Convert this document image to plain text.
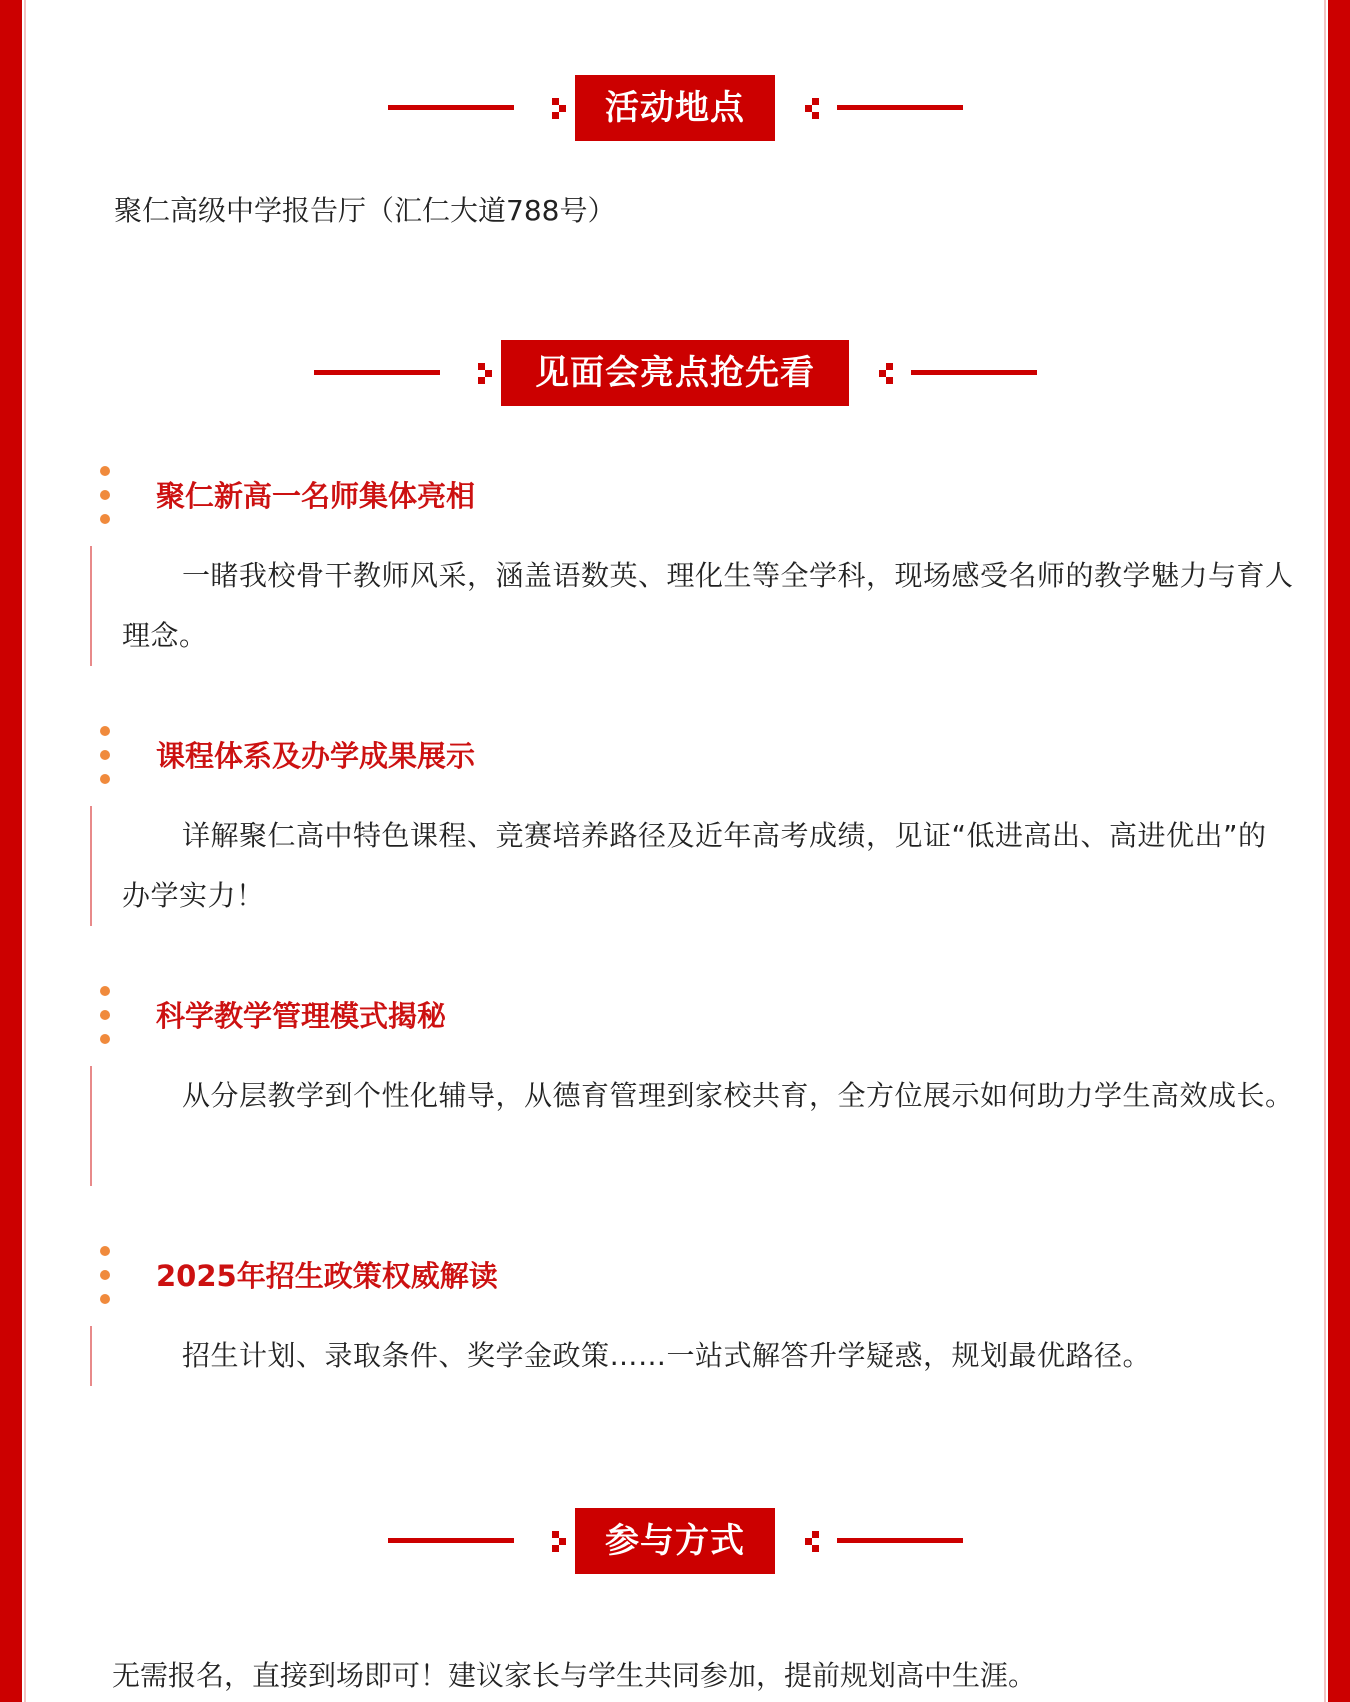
活动地点
聚仁高级中学报告厅（汇仁大道788号）
见面会亮点抢先看
聚仁新高一名师集体亮相
一睹我校骨干教师风采，涵盖语数英、理化生等全学科，现场感受名师的教学魅力与育人理念。
课程体系及办学成果展示
详解聚仁高中特色课程、竞赛培养路径及近年高考成绩，见证“低进高出、高进优出”的办学实力！
科学教学管理模式揭秘
从分层教学到个性化辅导，从德育管理到家校共育，全方位展示如何助力学生高效成长。
2025年招生政策权威解读
招生计划、录取条件、奖学金政策……一站式解答升学疑惑，规划最优路径。
参与方式
无需报名，直接到场即可！建议家长与学生共同参加，提前规划高中生涯。
